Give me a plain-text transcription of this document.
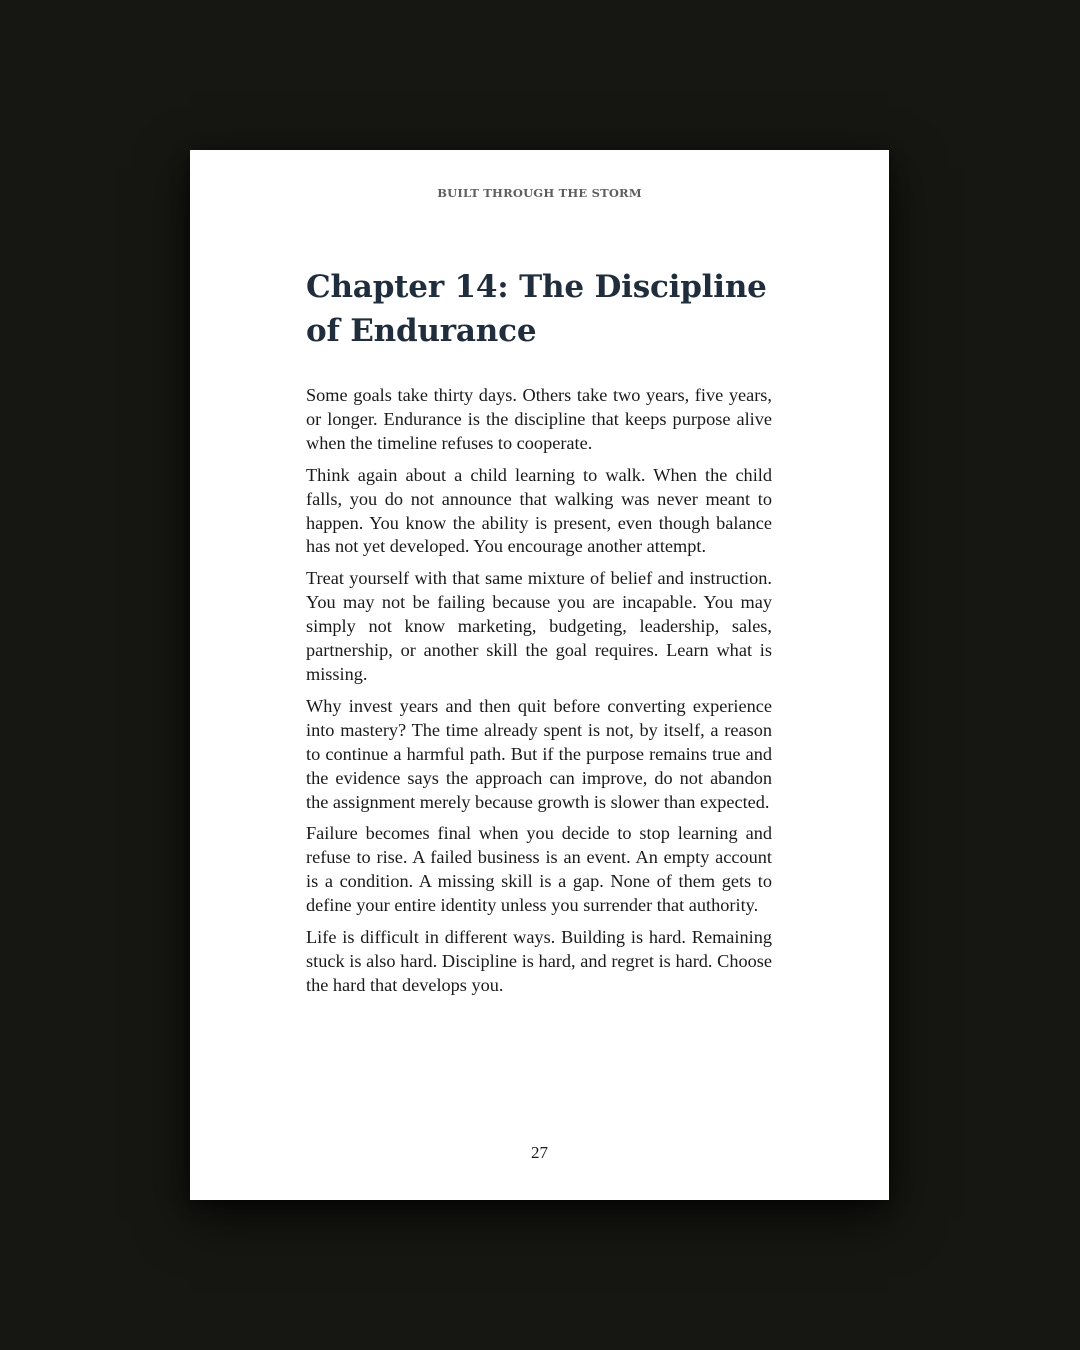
BUILT THROUGH THE STORM

Chapter 14: The Discipline of Endurance

Some goals take thirty days. Others take two years, five years, or longer. Endurance is the discipline that keeps purpose alive when the timeline refuses to cooperate.

Think again about a child learning to walk. When the child falls, you do not announce that walking was never meant to happen. You know the ability is present, even though balance has not yet developed. You encourage another attempt.

Treat yourself with that same mixture of belief and instruction. You may not be failing because you are incapable. You may simply not know marketing, budgeting, leadership, sales, partnership, or another skill the goal requires. Learn what is missing.

Why invest years and then quit before converting experience into mastery? The time already spent is not, by itself, a reason to continue a harmful path. But if the purpose remains true and the evidence says the approach can improve, do not abandon the assignment merely because growth is slower than expected.

Failure becomes final when you decide to stop learning and refuse to rise. A failed business is an event. An empty account is a condition. A missing skill is a gap. None of them gets to define your entire identity unless you surrender that authority.

Life is difficult in different ways. Building is hard. Remaining stuck is also hard. Discipline is hard, and regret is hard. Choose the hard that develops you.

27
